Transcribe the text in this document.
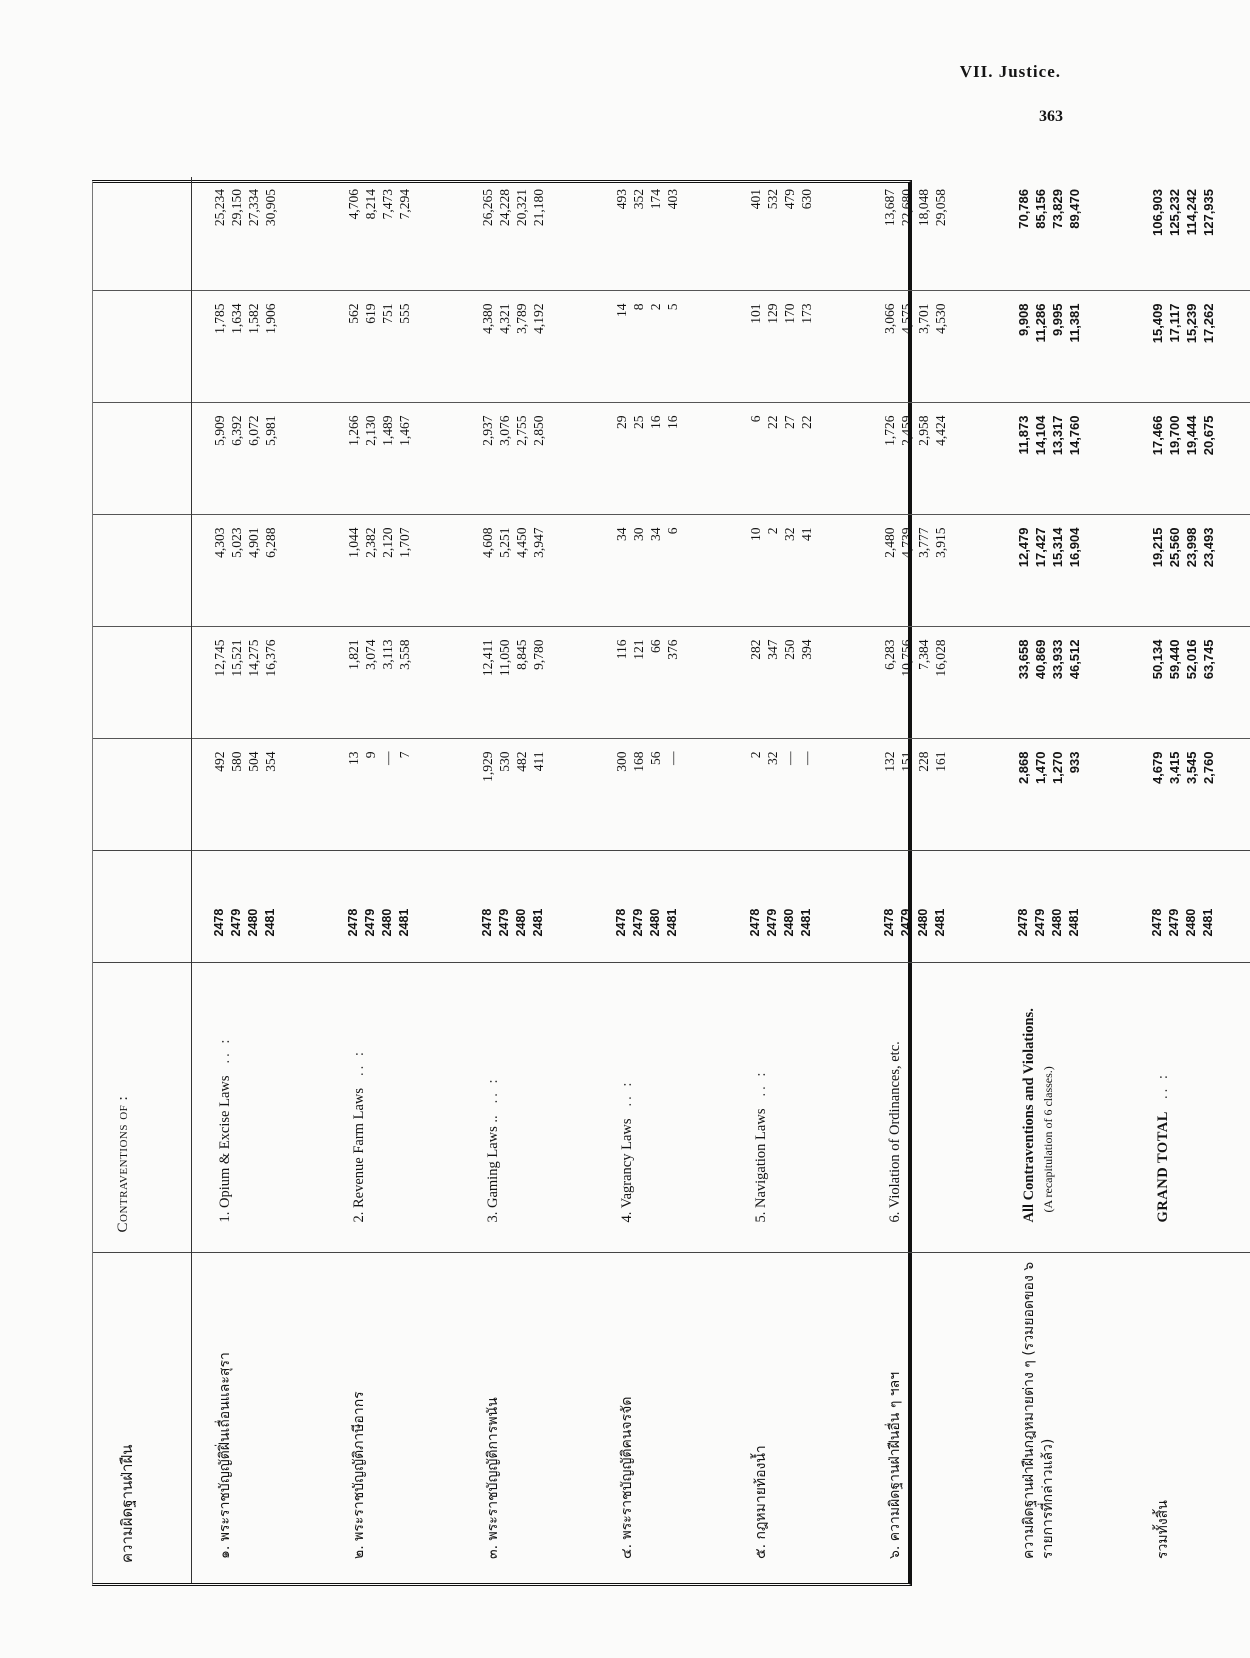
VII. Justice.
363
ความผิดฐานฝ่าฝืน	Contraventions of :							
๑. พระราชบัญญัติฝิ่นเถื่อนและสุรา	1. Opium & Excise Laws.. :	2478 2479 2480 2481	492 580 504 354	12,745 15,521 14,275 16,376	4,303 5,023 4,901 6,288	5,909 6,392 6,072 5,981	1,785 1,634 1,582 1,906	25,234 29,150 27,334 30,905

๒. พระราชบัญญัติภาษีอากร	2. Revenue Farm Laws.. :	2478 2479 2480 2481	13 9 — 7	1,821 3,074 3,113 3,558	1,044 2,382 2,120 1,707	1,266 2,130 1,489 1,467	562 619 751 555	4,706 8,214 7,473 7,294

๓. พระราชบัญญัติการพนัน	3. Gaming Laws .... :	2478 2479 2480 2481	1,929 530 482 411	12,411 11,050 8,845 9,780	4,608 5,251 4,450 3,947	2,937 3,076 2,755 2,850	4,380 4,321 3,789 4,192	26,265 24,228 20,321 21,180

๔. พระราชบัญญัติคนจรจัด	4. Vagrancy Laws.. :	2478 2479 2480 2481	300 168 56 —	116 121 66 376	34 30 34 6	29 25 16 16	14 8 2 5	493 352 174 403

๕. กฎหมายท้องน้ำ	5. Navigation Laws.. :	2478 2479 2480 2481	2 32 — —	282 347 250 394	10 2 32 41	6 22 27 22	101 129 170 173	401 532 479 630

๖. ความผิดฐานฝ่าฝืนอื่น ๆ ฯลฯ	6. Violation of Ordinances, etc.	2478 2479 2480 2481	132 151 228 161	6,283 10,756 7,384 16,028	2,480 4,739 3,777 3,915	1,726 2,459 2,958 4,424	3,066 4,575 3,701 4,530	13,687 22,680 18,048 29,058

ความผิดฐานฝ่าฝืนกฎหมายต่าง ๆ (รวมยอดของ ๖ รายการที่กล่าวแล้ว)	All Contraventions and Violations. (A recapitulation of 6 classes.)	2478 2479 2480 2481	2,868 1,470 1,270 933	33,658 40,869 33,933 46,512	12,479 17,427 15,314 16,904	11,873 14,104 13,317 14,760	9,908 11,286 9,995 11,381	70,786 85,156 73,829 89,470

รวมทั้งสิ้น	GRAND TOTAL.. :	2478 2479 2480 2481	4,679 3,415 3,545 2,760	50,134 59,440 52,016 63,745	19,215 25,560 23,998 23,493	17,466 19,700 19,444 20,675	15,409 17,117 15,239 17,262	106,903 125,232 114,242 127,935
